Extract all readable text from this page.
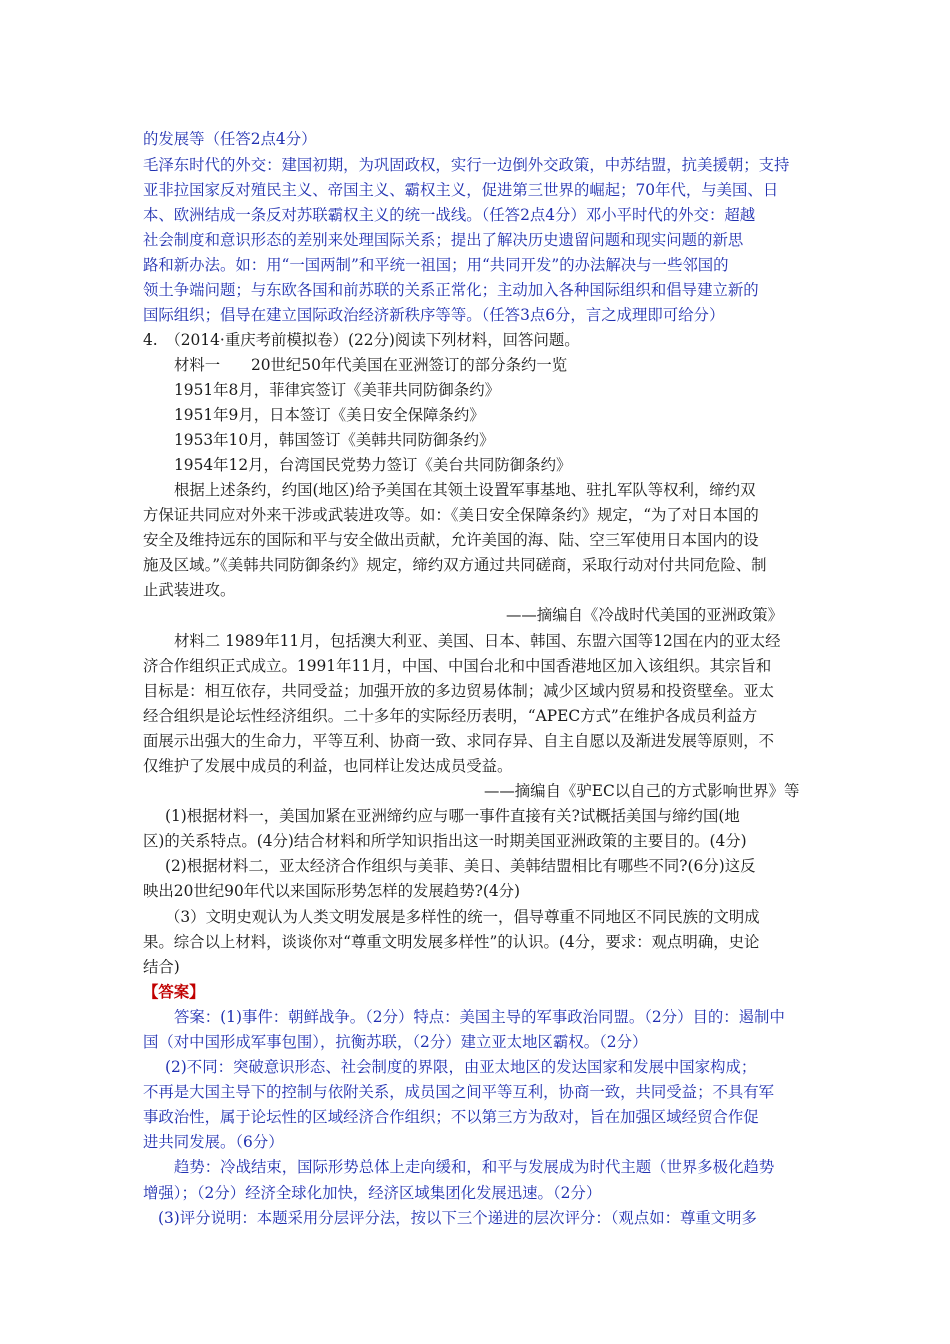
的发展等（任答2点4分）
毛泽东时代的外交：建国初期，为巩固政权，实行一边倒外交政策，中苏结盟，抗美援朝；支持
亚非拉国家反对殖民主义、帝国主义、霸权主义，促进第三世界的崛起；70年代，与美国、日
本、欧洲结成一条反对苏联霸权主义的统一战线。（任答2点4分）邓小平时代的外交：超越
社会制度和意识形态的差别来处理国际关系；提出了解决历史遗留问题和现实问题的新思
路和新办法。如：用“一国两制”和平统一祖国；用“共同开发”的办法解决与一些邻国的
领土争端问题；与东欧各国和前苏联的关系正常化；主动加入各种国际组织和倡导建立新的
国际组织；倡导在建立国际政治经济新秩序等等。（任答3点6分，言之成理即可给分）
4.　（2014·重庆考前模拟卷）(22分)阅读下列材料，回答问题。
材料一　　20世纪50年代美国在亚洲签订的部分条约一览
1951年8月，菲律宾签订《美菲共同防御条约》
1951年9月，日本签订《美日安全保障条约》
1953年10月，韩国签订《美韩共同防御条约》
1954年12月，台湾国民党势力签订《美台共同防御条约》
根据上述条约，约国(地区)给予美国在其领土设置军事基地、驻扎军队等权利，缔约双
方保证共同应对外来干涉或武装进攻等。如：《美日安全保障条约》规定，“为了对日本国的
安全及维持远东的国际和平与安全做出贡献，允许美国的海、陆、空三军使用日本国内的设
施及区域。”《美韩共同防御条约》规定，缔约双方通过共同磋商，采取行动对付共同危险、制
止武装进攻。
——摘编自《冷战时代美国的亚洲政策》
材料二 1989年11月，包括澳大利亚、美国、日本、韩国、东盟六国等12国在内的亚太经
济合作组织正式成立。1991年11月，中国、中国台北和中国香港地区加入该组织。其宗旨和
目标是：相互依存，共同受益；加强开放的多边贸易体制；减少区域内贸易和投资壁垒。亚太
经合组织是论坛性经济组织。二十多年的实际经历表明，“APEC方式”在维护各成员利益方
面展示出强大的生命力，平等互利、协商一致、求同存异、自主自愿以及渐进发展等原则，不
仅维护了发展中成员的利益，也同样让发达成员受益。
——摘编自《驴EC以自己的方式影响世界》等
(1)根据材料一，美国加紧在亚洲缔约应与哪一事件直接有关?试概括美国与缔约国(地
区)的关系特点。(4分)结合材料和所学知识指出这一时期美国亚洲政策的主要目的。(4分)
(2)根据材料二，亚太经济合作组织与美菲、美日、美韩结盟相比有哪些不同?(6分)这反
映出20世纪90年代以来国际形势怎样的发展趋势?(4分)
（3）文明史观认为人类文明发展是多样性的统一，倡导尊重不同地区不同民族的文明成
果。综合以上材料，谈谈你对“尊重文明发展多样性”的认识。(4分，要求：观点明确，史论
结合)
【答案】
答案：(1)事件：朝鲜战争。（2分）特点：美国主导的军事政治同盟。（2分）目的：遏制中
国（对中国形成军事包围），抗衡苏联，（2分）建立亚太地区霸权。（2分）
(2)不同：突破意识形态、社会制度的界限，由亚太地区的发达国家和发展中国家构成；
不再是大国主导下的控制与依附关系，成员国之间平等互利，协商一致，共同受益；不具有军
事政治性，属于论坛性的区域经济合作组织；不以第三方为敌对，旨在加强区域经贸合作促
进共同发展。（6分）
趋势：冷战结束，国际形势总体上走向缓和，和平与发展成为时代主题（世界多极化趋势
增强）；（2分）经济全球化加快，经济区域集团化发展迅速。（2分）
(3)评分说明：本题采用分层评分法，按以下三个递进的层次评分：（观点如：尊重文明多
